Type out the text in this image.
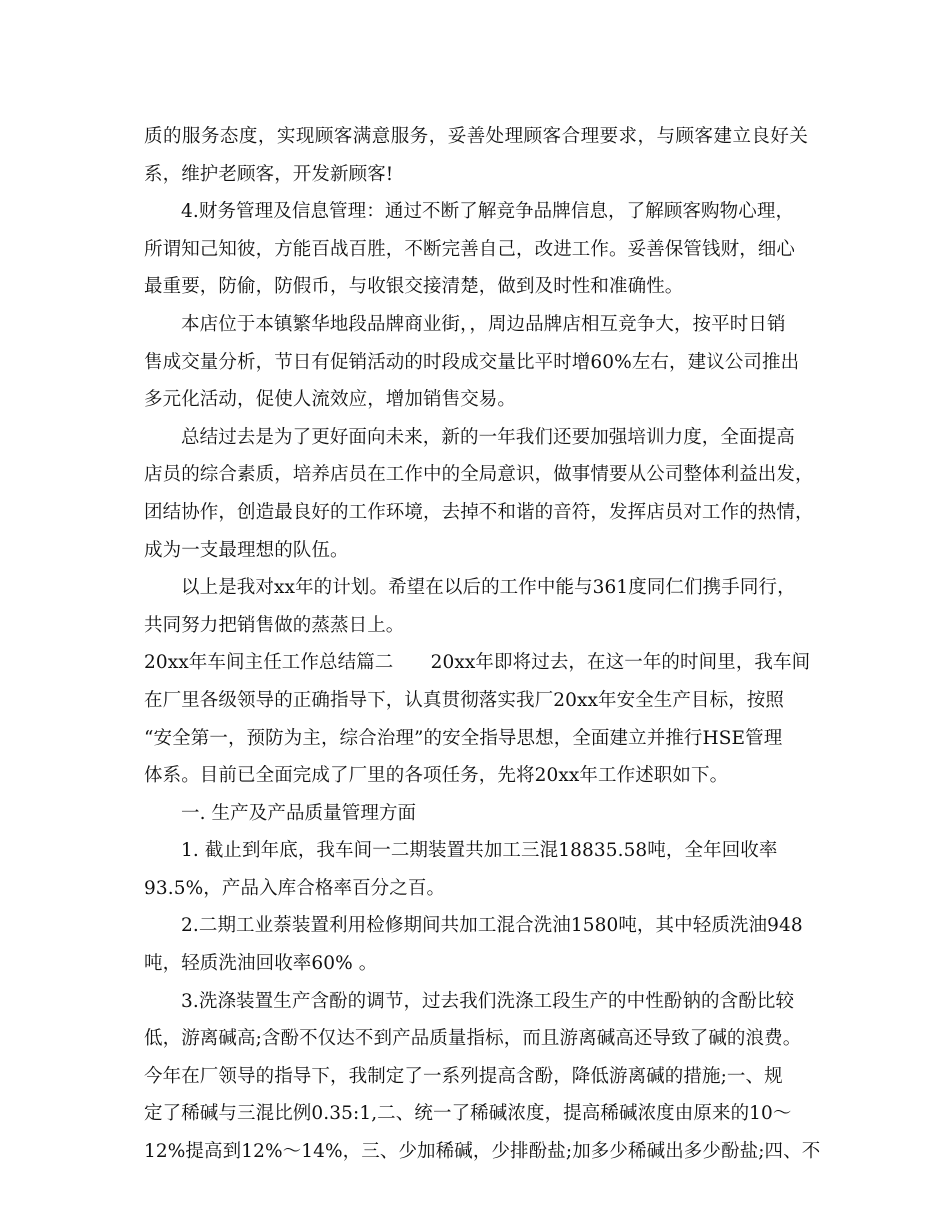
质的服务态度，实现顾客满意服务，妥善处理顾客合理要求，与顾客建立良好关
系，维护老顾客，开发新顾客!
4.财务管理及信息管理：通过不断了解竞争品牌信息，了解顾客购物心理，
所谓知己知彼，方能百战百胜，不断完善自己，改进工作。妥善保管钱财，细心
最重要，防偷，防假币，与收银交接清楚，做到及时性和准确性。
本店位于本镇繁华地段品牌商业街，，周边品牌店相互竞争大，按平时日销
售成交量分析，节日有促销活动的时段成交量比平时增60%左右，建议公司推出
多元化活动，促使人流效应，增加销售交易。
总结过去是为了更好面向未来，新的一年我们还要加强培训力度，全面提高
店员的综合素质，培养店员在工作中的全局意识，做事情要从公司整体利益出发，
团结协作，创造最良好的工作环境，去掉不和谐的音符，发挥店员对工作的热情，
成为一支最理想的队伍。
以上是我对xx年的计划。希望在以后的工作中能与361度同仁们携手同行，
共同努力把销售做的蒸蒸日上。
20xx年车间主任工作总结篇二　　20xx年即将过去，在这一年的时间里，我车间
在厂里各级领导的正确指导下，认真贯彻落实我厂20xx年安全生产目标，按照
“安全第一，预防为主，综合治理”的安全指导思想，全面建立并推行HSE管理
体系。目前已全面完成了厂里的各项任务，先将20xx年工作述职如下。
一. 生产及产品质量管理方面
1. 截止到年底，我车间一二期装置共加工三混18835.58吨，全年回收率
93.5%，产品入库合格率百分之百。
2.二期工业萘装置利用检修期间共加工混合洗油1580吨，其中轻质洗油948
吨，轻质洗油回收率60% 。
3.洗涤装置生产含酚的调节，过去我们洗涤工段生产的中性酚钠的含酚比较
低，游离碱高;含酚不仅达不到产品质量指标，而且游离碱高还导致了碱的浪费。
今年在厂领导的指导下，我制定了一系列提高含酚，降低游离碱的措施;一、规
定了稀碱与三混比例0.35:1,二、统一了稀碱浓度，提高稀碱浓度由原来的10～
12%提高到12%～14%，三、少加稀碱，少排酚盐;加多少稀碱出多少酚盐;四、不
